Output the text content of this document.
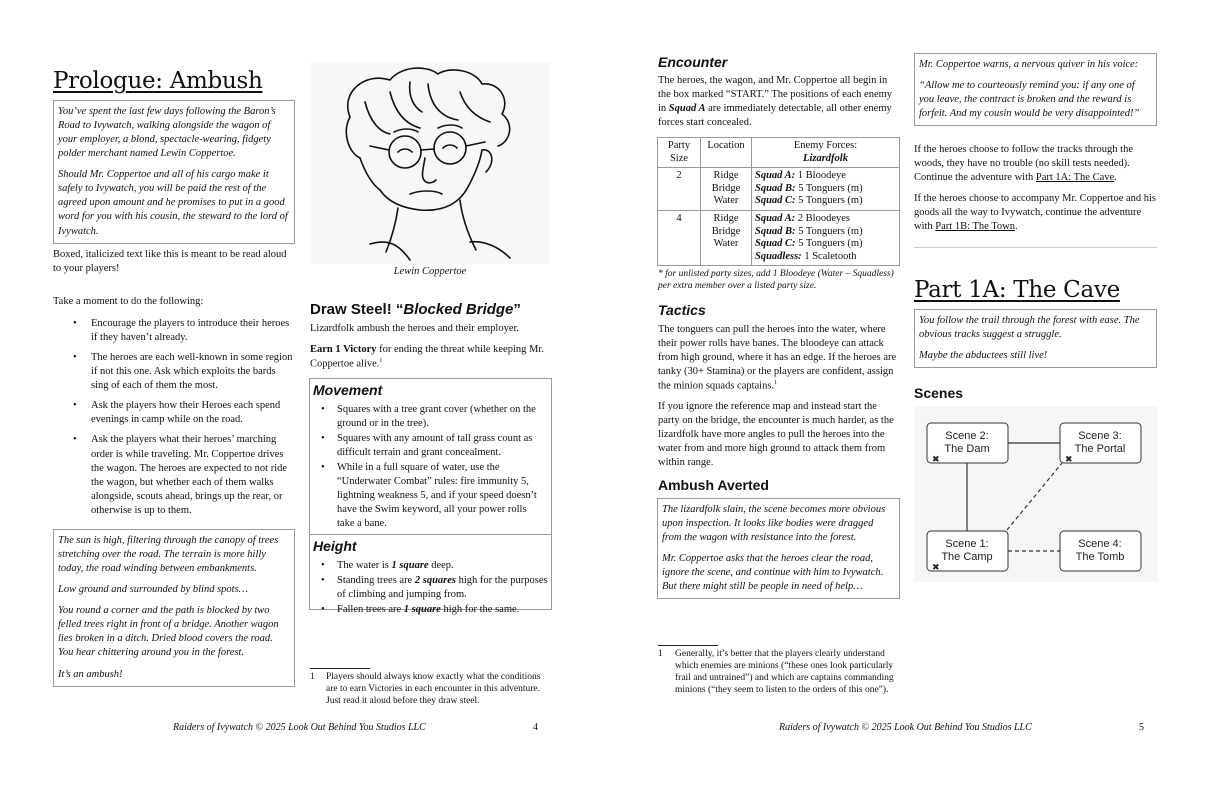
Prologue: Ambush

You’ve spent the last few days following the Baron’s Road to Ivywatch, walking alongside the wagon of your employer, a blond, spectacle-wearing, fidgety polder merchant named Lewin Coppertoe.

Should Mr. Coppertoe and all of his cargo make it safely to Ivywatch, you will be paid the rest of the agreed upon amount and he promises to put in a good word for you with his cousin, the steward to the lord of Ivywatch.

Boxed, italicized text like this is meant to be read aloud to your players!

Take a moment to do the following:

• Encourage the players to introduce their heroes if they haven’t already.
• The heroes are each well-known in some region if not this one. Ask which exploits the bards sing of each of them the most.
• Ask the players how their Heroes each spend evenings in camp while on the road.
• Ask the players what their heroes’ marching order is while traveling. Mr. Coppertoe drives the wagon. The heroes are expected to not ride the wagon, but whether each of them walks alongside, scouts ahead, brings up the rear, or otherwise is up to them.

The sun is high, filtering through the canopy of trees stretching over the road. The terrain is more hilly today, the road winding between embankments.

Low ground and surrounded by blind spots…

You round a corner and the path is blocked by two felled trees right in front of a bridge. Another wagon lies broken in a ditch. Dried blood covers the road. You hear chittering around you in the forest.

It’s an ambush!

Lewin Coppertoe

Draw Steel! “Blocked Bridge”

Lizardfolk ambush the heroes and their employer.

Earn 1 Victory for ending the threat while keeping Mr. Coppertoe alive.$^1$

Movement
• Squares with a tree grant cover (whether on the ground or in the tree).
• Squares with any amount of tall grass count as difficult terrain and grant concealment.
• While in a full square of water, use the “Underwater Combat” rules: fire immunity 5, lightning weakness 5, and if your speed doesn’t have the Swim keyword, all your power rolls take a bane.
Height
• The water is 1 square deep.
• Standing trees are 2 squares high for the purposes of climbing and jumping from.
• Fallen trees are 1 square high for the same.
1 Players should always know exactly what the conditions are to earn Victories in each encounter in this adventure. Just read it aloud before they draw steel.

Raiders of Ivywatch © 2025 Look Out Behind You Studios LLC	4

Encounter

The heroes, the wagon, and Mr. Coppertoe all begin in the box marked “START.” The positions of each enemy in Squad A are immediately detectable, all other enemy forces start concealed.

Party Size	Location	Enemy Forces:
Lizardfolk
2	Ridge
Bridge
Water	Squad A: 1 Bloodeye
Squad B: 5 Tonguers (m)
Squad C: 5 Tonguers (m)
4	Ridge
Bridge
Water	Squad A: 2 Bloodeyes
Squad B: 5 Tonguers (m)
Squad C: 5 Tonguers (m)
Squadless: 1 Scaletooth

* for unlisted party sizes, add 1 Bloodeye (Water – Squadless) per extra member over a listed party size.

Tactics

The tonguers can pull the heroes into the water, where their power rolls have banes. The bloodeye can attack from high ground, where it has an edge. If the heroes are tanky (30+ Stamina) or the players are confident, assign the minion squads captains.$^1$

If you ignore the reference map and instead start the party on the bridge, the encounter is much harder, as the lizardfolk have more angles to pull the heroes into the water from and more high ground to attack them from within range.

Ambush Averted

The lizardfolk slain, the scene becomes more obvious upon inspection. It looks like bodies were dragged from the wagon with resistance into the forest.

Mr. Coppertoe asks that the heroes clear the road, ignore the scene, and continue with him to Ivywatch. But there might still be people in need of help…

1 Generally, it’s better that the players clearly understand which enemies are minions (“these ones look particularly frail and untrained”) and which are captains commanding minions (“they seem to listen to the orders of this one”).

Mr. Coppertoe warns, a nervous quiver in his voice:

“Allow me to courteously remind you: if any one of you leave, the contract is broken and the reward is forfeit. And my cousin would be very disappointed!”

If the heroes choose to follow the tracks through the woods, they have no trouble (no skill tests needed). Continue the adventure with Part 1A: The Cave.

If the heroes choose to accompany Mr. Coppertoe and his goods all the way to Ivywatch, continue the adventure with Part 1B: The Town.

Part 1A: The Cave

You follow the trail through the forest with ease. The obvious tracks suggest a struggle.

Maybe the abductees still live!

Scenes
Scene 2:
The Dam
✖
Scene 3:
The Portal
✖
Scene 1:
The Camp
✖
Scene 4:
The Tomb

Raiders of Ivywatch © 2025 Look Out Behind You Studios LLC	5
